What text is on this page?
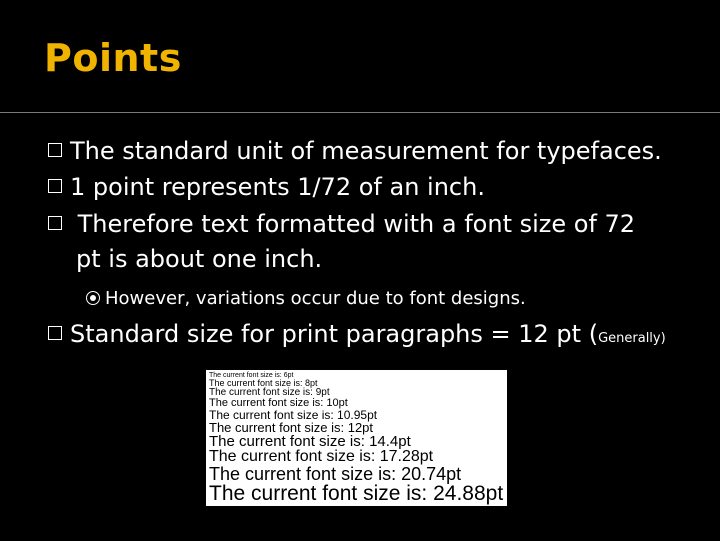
Points
The standard unit of measurement for typefaces.
1 point represents 1/72 of an inch.
Therefore text formatted with a font size of 72
pt is about one inch.
However, variations occur due to font designs.
Standard size for print paragraphs = 12 pt (Generally)
The current font size is: 6pt
The current font size is: 8pt
The current font size is: 9pt
The current font size is: 10pt
The current font size is: 10.95pt
The current font size is: 12pt
The current font size is: 14.4pt
The current font size is: 17.28pt
The current font size is: 20.74pt
The current font size is: 24.88pt
